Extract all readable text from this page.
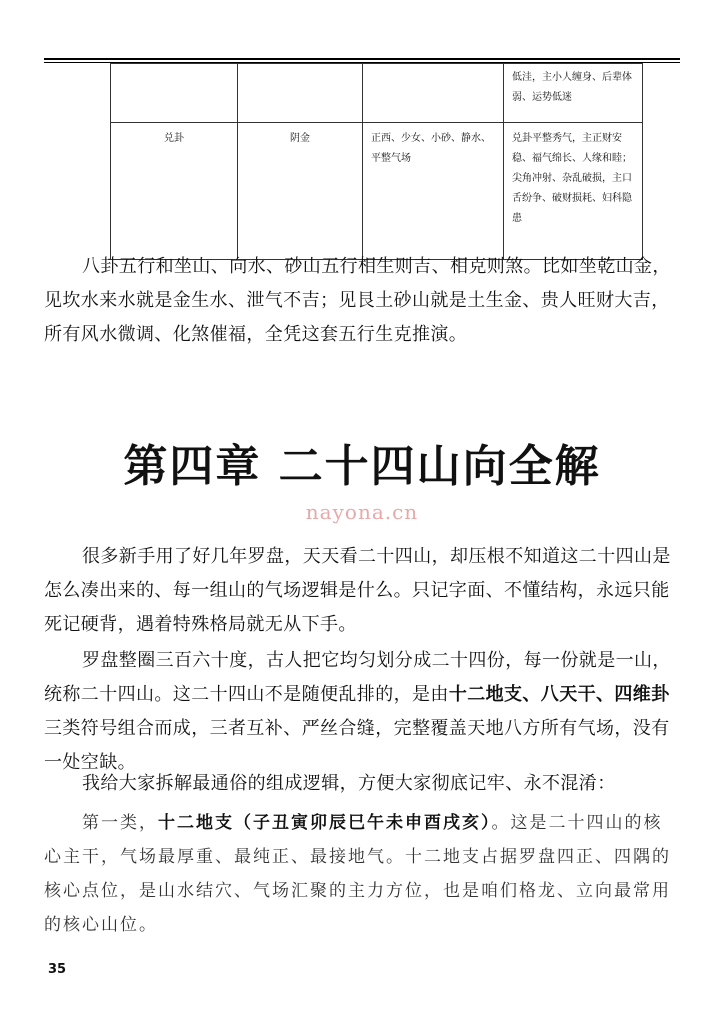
			低洼，主小人缠身、后辈体弱、运势低迷
兑卦	阴金	正西、少女、小砂、静水、平整气场	兑卦平整秀气，主正财安稳、福气绵长、人缘和睦；尖角冲射、杂乱破损，主口舌纷争、破财损耗、妇科隐患

八卦五行和坐山、向水、砂山五行相生则吉、相克则煞。比如坐乾山金，见坎水来水就是金生水、泄气不吉；见艮土砂山就是土生金、贵人旺财大吉，所有风水微调、化煞催福，全凭这套五行生克推演。

第四章 二十四山向全解
nayona.cn

很多新手用了好几年罗盘，天天看二十四山，却压根不知道这二十四山是怎么凑出来的、每一组山的气场逻辑是什么。只记字面、不懂结构，永远只能死记硬背，遇着特殊格局就无从下手。

罗盘整圈三百六十度，古人把它均匀划分成二十四份，每一份就是一山，统称二十四山。这二十四山不是随便乱排的，是由十二地支、八天干、四维卦三类符号组合而成，三者互补、严丝合缝，完整覆盖天地八方所有气场，没有一处空缺。

我给大家拆解最通俗的组成逻辑，方便大家彻底记牢、永不混淆：

第一类，十二地支（子丑寅卯辰巳午未申酉戌亥）。这是二十四山的核心主干，气场最厚重、最纯正、最接地气。十二地支占据罗盘四正、四隅的核心点位，是山水结穴、气场汇聚的主力方位，也是咱们格龙、立向最常用的核心山位。

35
